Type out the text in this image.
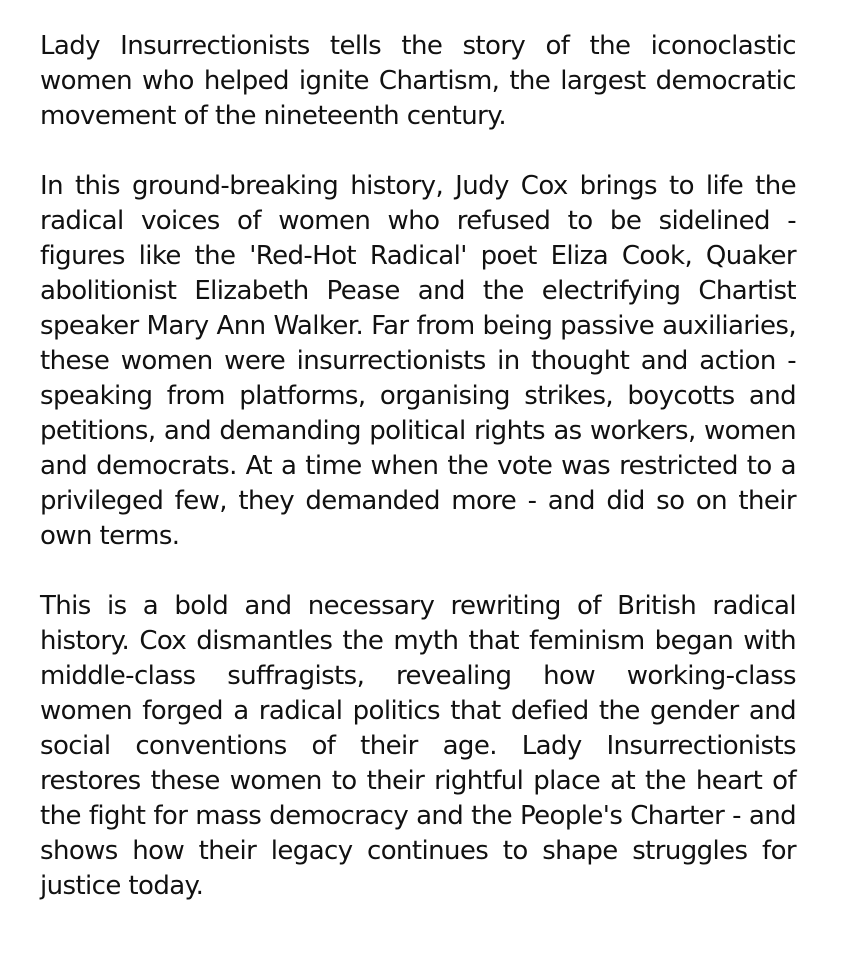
Lady Insurrectionists tells the story of the iconoclastic women who helped ignite Chartism, the largest democratic movement of the nineteenth century.

In this ground-breaking history, Judy Cox brings to life the radical voices of women who refused to be sidelined - figures like the 'Red-Hot Radical' poet Eliza Cook, Quaker abolitionist Elizabeth Pease and the electrifying Chartist speaker Mary Ann Walker. Far from being passive auxiliaries, these women were insurrectionists in thought and action - speaking from platforms, organising strikes, boycotts and petitions, and demanding political rights as workers, women and democrats. At a time when the vote was restricted to a privileged few, they demanded more - and did so on their own terms.

This is a bold and necessary rewriting of British radical history. Cox dismantles the myth that feminism began with middle-class suffragists, revealing how working-class women forged a radical politics that defied the gender and social conventions of their age. Lady Insurrectionists restores these women to their rightful place at the heart of the fight for mass democracy and the People's Charter - and shows how their legacy continues to shape struggles for justice today.
